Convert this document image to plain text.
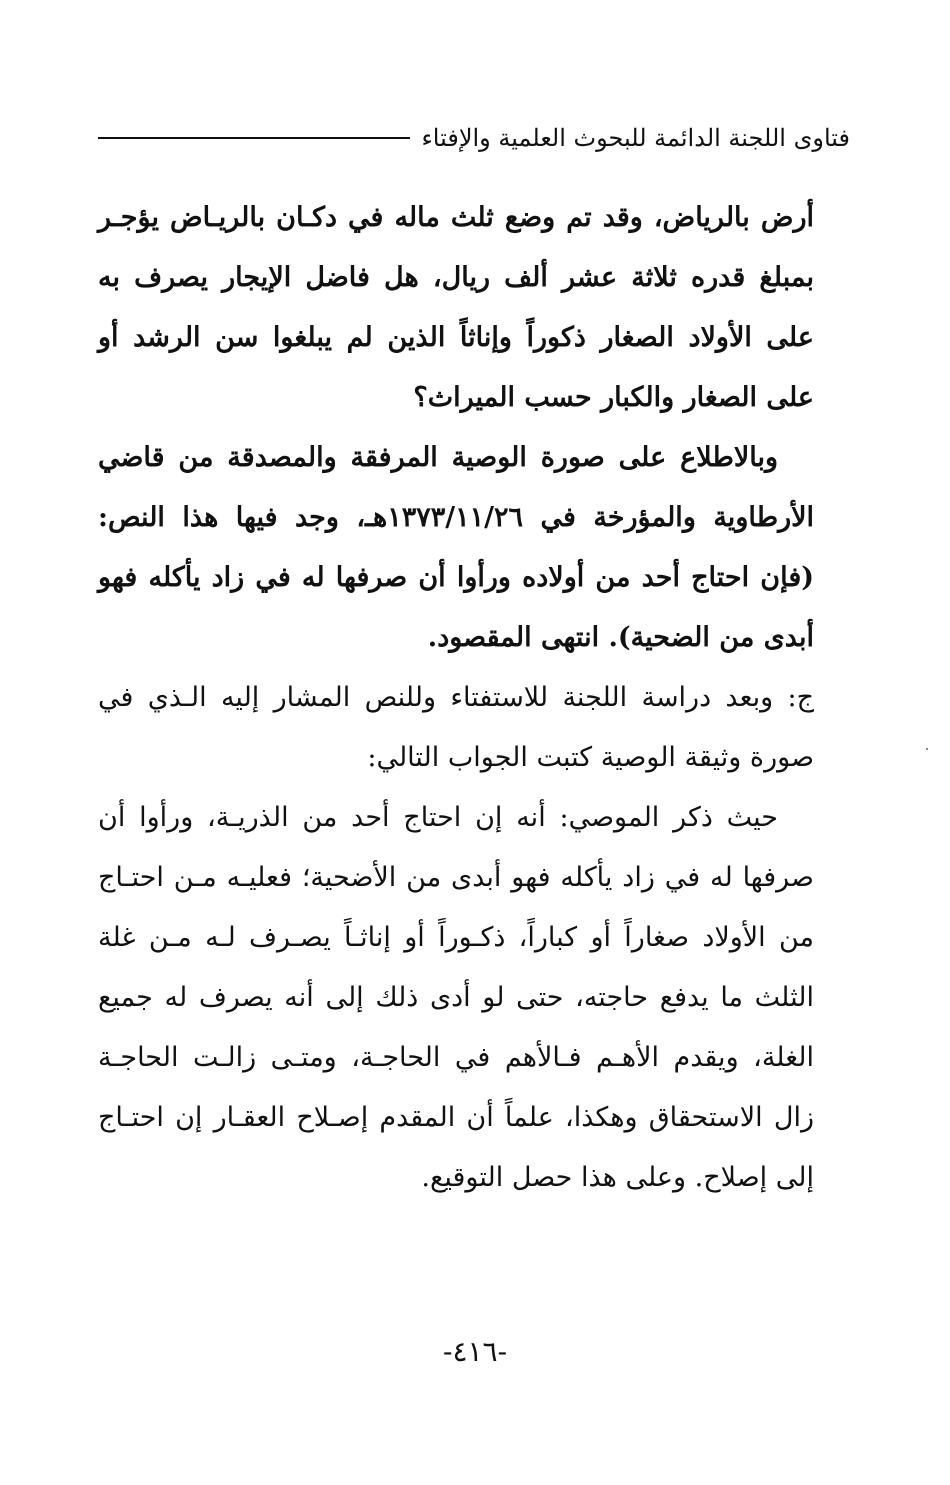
فتاوى اللجنة الدائمة للبحوث العلمية والإفتاء

أرض بالرياض، وقد تم وضع ثلث ماله في دكـان بالريـاض يؤجـر بمبلغ قدره ثلاثة عشر ألف ريال، هل فاضل الإيجار يصرف به على الأولاد الصغار ذكوراً وإناثاً الذين لم يبلغوا سن الرشد أو على الصغار والكبار حسب الميراث؟

وبالاطلاع على صورة الوصية المرفقة والمصدقة من قاضي الأرطاوية والمؤرخة في ١٣٧٣/١١/٢٦هـ، وجد فيها هذا النص: (فإن احتاج أحد من أولاده ورأوا أن صرفها له في زاد يأكله فهو أبدى من الضحية). انتهى المقصود.

ج: وبعد دراسة اللجنة للاستفتاء وللنص المشار إليه الـذي في صورة وثيقة الوصية كتبت الجواب التالي:

حيث ذكر الموصي: أنه إن احتاج أحد من الذريـة، ورأوا أن صرفها له في زاد يأكله فهو أبدى من الأضحية؛ فعليـه مـن احتـاج من الأولاد صغاراً أو كباراً، ذكـوراً أو إناثـاً يصـرف لـه مـن غلة الثلث ما يدفع حاجته، حتى لو أدى ذلك إلى أنه يصرف له جميع الغلة، ويقدم الأهـم فـالأهم في الحاجـة، ومتـى زالـت الحاجـة زال الاستحقاق وهكذا، علماً أن المقدم إصـلاح العقـار إن احتـاج إلى إصلاح. وعلى هذا حصل التوقيع.

-٤١٦-
